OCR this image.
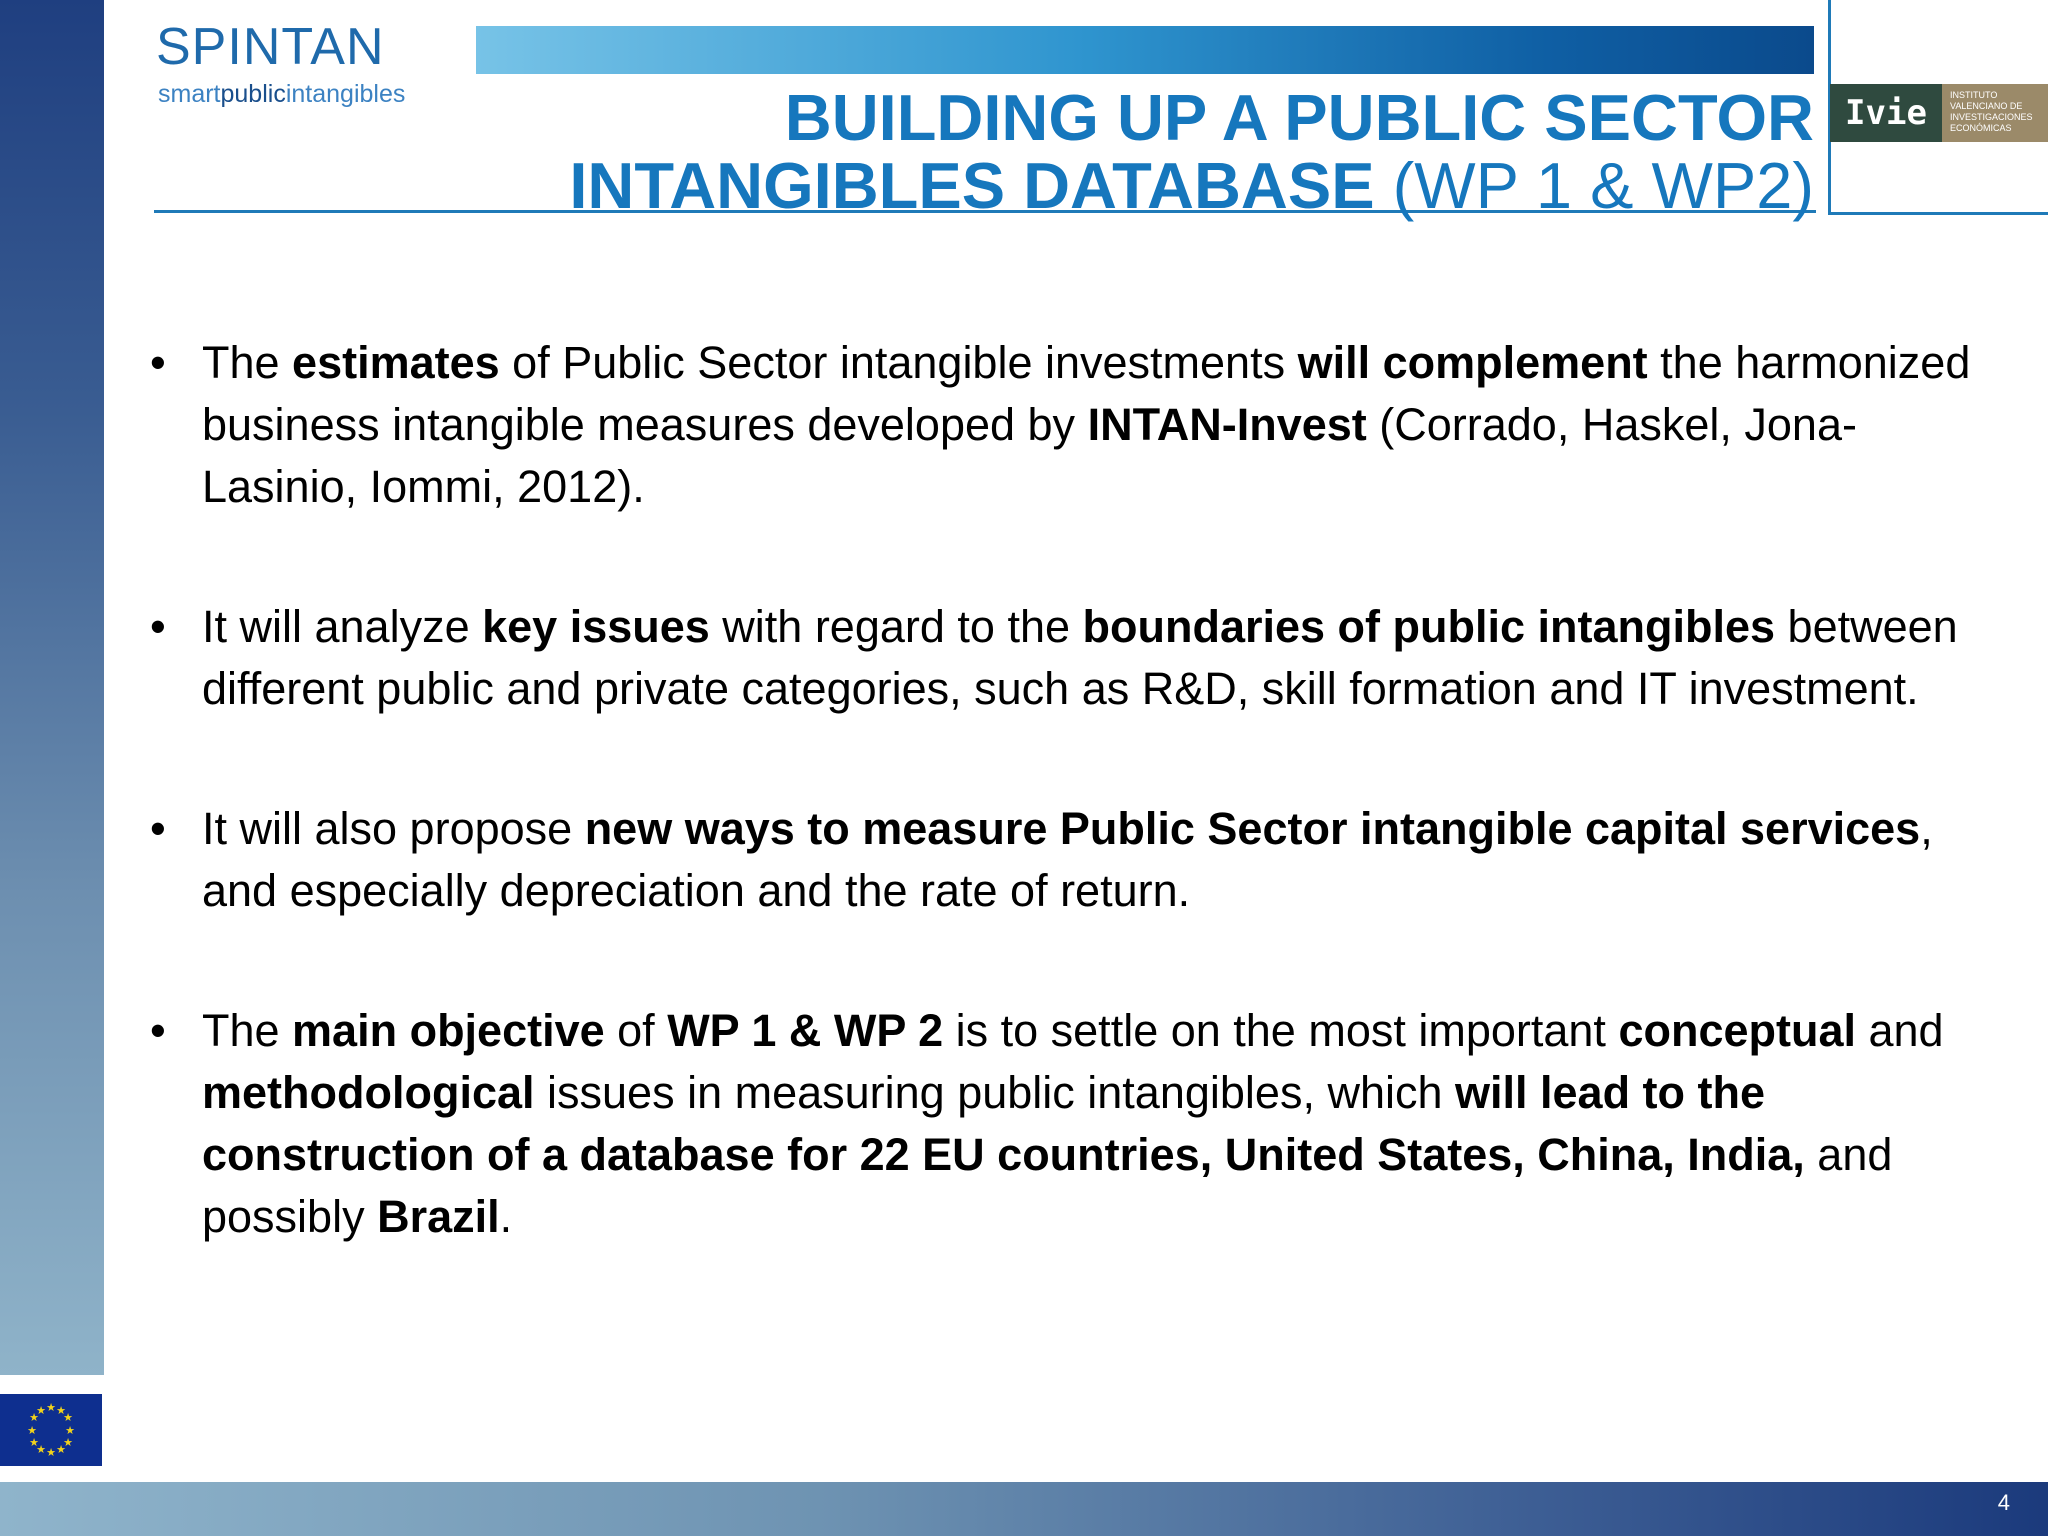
SPINTAN
smartpublicintangibles	BUILDING UP A PUBLIC SECTOR
INTANGIBLES DATABASE (WP 1 & WP2)
Ivie	INSTITUTO
VALENCIANO DE
INVESTIGACIONES
ECONÓMICAS
• The estimates of Public Sector intangible investments will complement the harmonized business intangible measures developed by INTAN-Invest (Corrado, Haskel, Jona-Lasinio, Iommi, 2012).
• It will analyze key issues with regard to the boundaries of public intangibles between different public and private categories, such as R&D, skill formation and IT investment.
• It will also propose new ways to measure Public Sector intangible capital services, and especially depreciation and the rate of return.
• The main objective of WP 1 & WP 2 is to settle on the most important conceptual and methodological issues in measuring public intangibles, which will lead to the construction of a database for 22 EU countries, United States, China, India, and possibly Brazil.
★ ★
★
★
★
★
★
★
★
★
★
★
4
